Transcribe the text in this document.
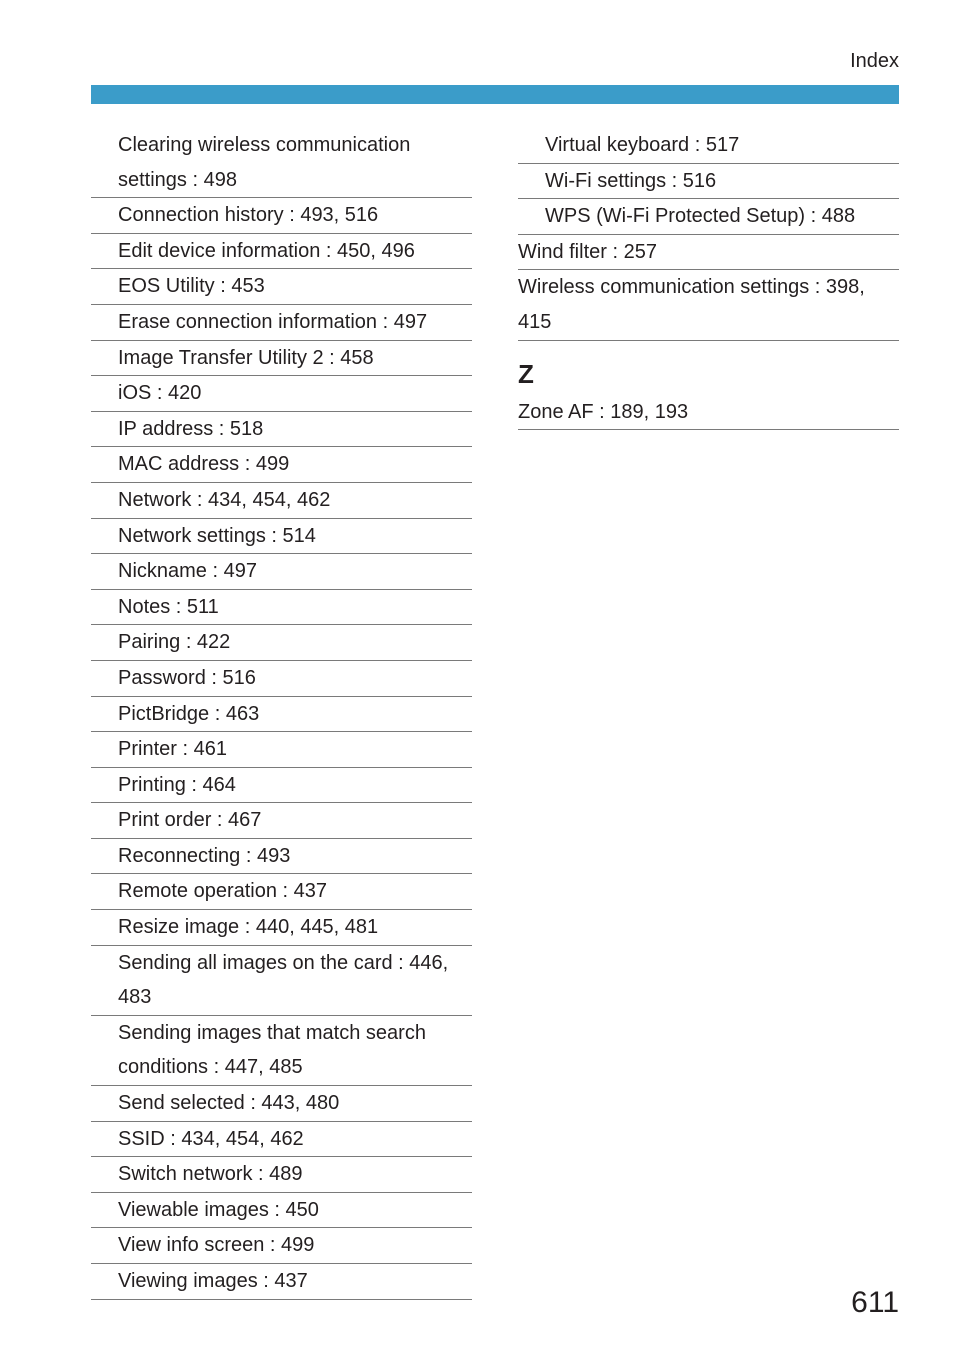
Index
Clearing wireless communication settings : 498
Connection history : 493, 516
Edit device information : 450, 496
EOS Utility : 453
Erase connection information : 497
Image Transfer Utility 2 : 458
iOS : 420
IP address : 518
MAC address : 499
Network : 434, 454, 462
Network settings : 514
Nickname : 497
Notes : 511
Pairing : 422
Password : 516
PictBridge : 463
Printer : 461
Printing : 464
Print order : 467
Reconnecting : 493
Remote operation : 437
Resize image : 440, 445, 481
Sending all images on the card : 446, 483
Sending images that match search conditions : 447, 485
Send selected : 443, 480
SSID : 434, 454, 462
Switch network : 489
Viewable images : 450
View info screen : 499
Viewing images : 437
Virtual keyboard : 517
Wi-Fi settings : 516
WPS (Wi-Fi Protected Setup) : 488
Wind filter : 257
Wireless communication settings : 398, 415
Z
Zone AF : 189, 193
611
